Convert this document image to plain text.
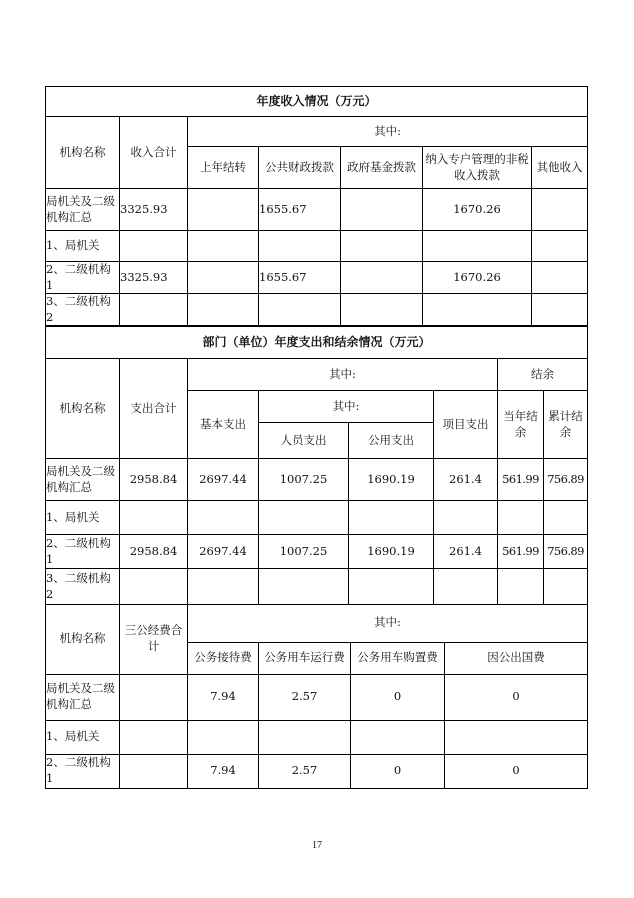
年度收入情况（万元）						
机构名称	收入合计	其中:				
		上年结转	公共财政拨款	政府基金拨款	纳入专户管理的非税收入拨款	其他收入
局机关及二级机构汇总	3325.93		1655.67		1670.26	
1、局机关						
2、二级机构 1	3325.93		1655.67		1670.26	
3、二级机构 2						
部门（单位）年度支出和结余情况（万元）							
机构名称	支出合计	其中:				结余	
		基本支出	其中:		项目支出	当年结余	累计结余
			人员支出	公用支出			
局机关及二级机构汇总	2958.84	2697.44	1007.25	1690.19	261.4	561.99	756.89
1、局机关							
2、二级机构 1	2958.84	2697.44	1007.25	1690.19	261.4	561.99	756.89
3、二级机构 2							
机构名称	三公经费合计	其中:			
		公务接待费	公务用车运行费	公务用车购置费	因公出国费
局机关及二级机构汇总		7.94	2.57	0	0
1、局机关					
2、二级机构 1		7.94	2.57	0	0
17
